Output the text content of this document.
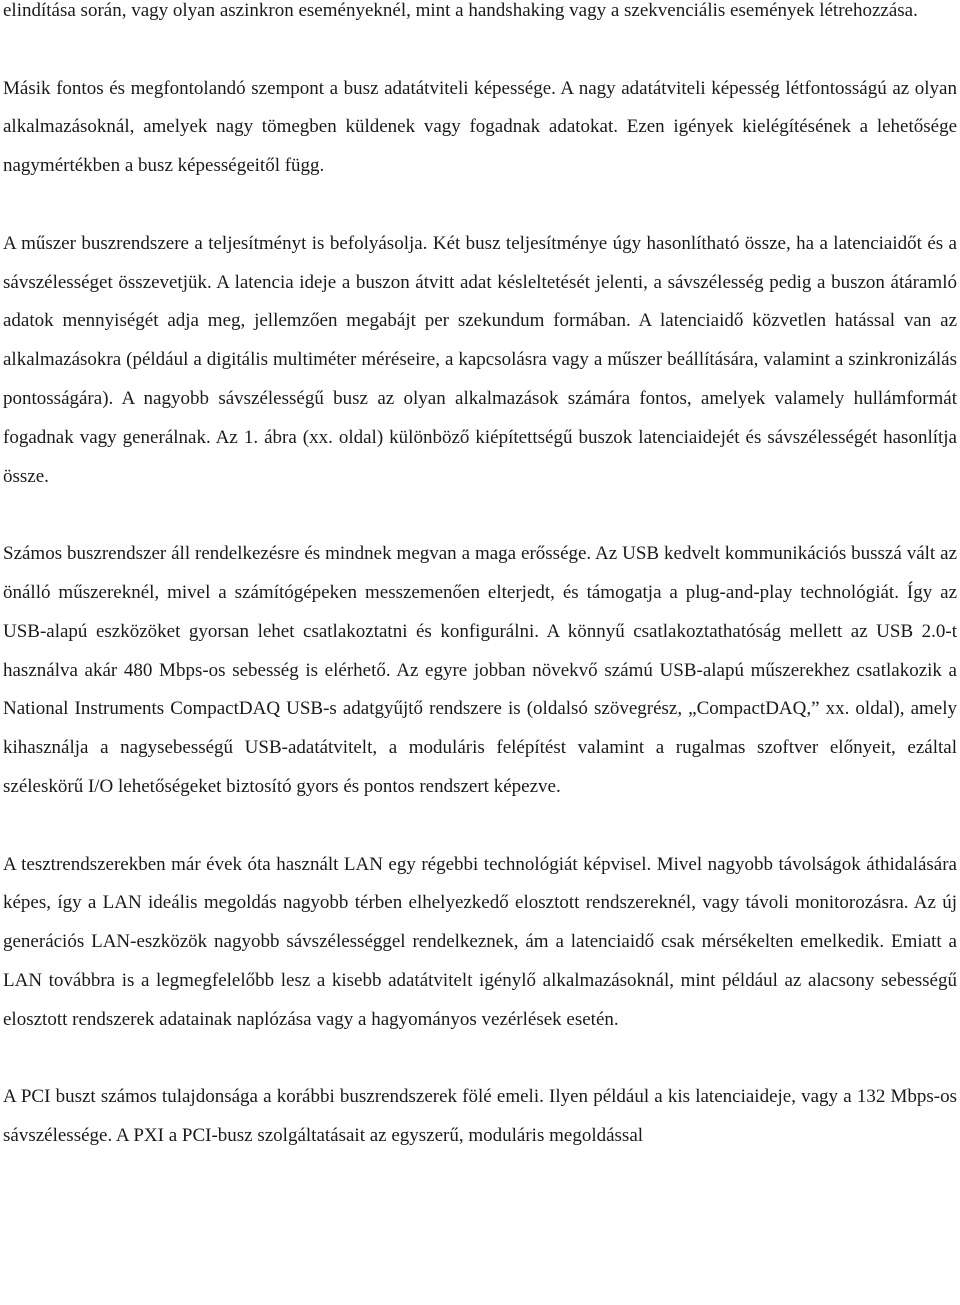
elindítása során, vagy olyan aszinkron eseményeknél, mint a handshaking vagy a szekvenciális események létrehozzása.

Másik fontos és megfontolandó szempont a busz adatátviteli képessége. A nagy adatátviteli képesség létfontosságú az olyan alkalmazásoknál, amelyek nagy tömegben küldenek vagy fogadnak adatokat. Ezen igények kielégítésének a lehetősége nagymértékben a busz képességeitől függ.

A műszer buszrendszere a teljesítményt is befolyásolja. Két busz teljesítménye úgy hasonlítható össze, ha a latenciaidőt és a sávszélességet összevetjük. A latencia ideje a buszon átvitt adat késleltetését jelenti, a sávszélesség pedig a buszon átáramló adatok mennyiségét adja meg, jellemzően megabájt per szekundum formában. A latenciaidő közvetlen hatással van az alkalmazásokra (például a digitális multiméter méréseire, a kapcsolásra vagy a műszer beállítására, valamint a szinkronizálás pontosságára). A nagyobb sávszélességű busz az olyan alkalmazások számára fontos, amelyek valamely hullámformát fogadnak vagy generálnak. Az 1. ábra (xx. oldal) különböző kiépítettségű buszok latenciaidejét és sávszélességét hasonlítja össze.

Számos buszrendszer áll rendelkezésre és mindnek megvan a maga erőssége. Az USB kedvelt kommunikációs busszá vált az önálló műszereknél, mivel a számítógépeken messzemenően elterjedt, és támogatja a plug-and-play technológiát. Így az USB-alapú eszközöket gyorsan lehet csatlakoztatni és konfigurálni. A könnyű csatlakoztathatóság mellett az USB 2.0-t használva akár 480 Mbps-os sebesség is elérhető. Az egyre jobban növekvő számú USB-alapú műszerekhez csatlakozik a National Instruments CompactDAQ USB-s adatgyűjtő rendszere is (oldalsó szövegrész, „CompactDAQ,” xx. oldal), amely kihasználja a nagysebességű USB-adatátvitelt, a moduláris felépítést valamint a rugalmas szoftver előnyeit, ezáltal széleskörű I/O lehetőségeket biztosító gyors és pontos rendszert képezve.

A tesztrendszerekben már évek óta használt LAN egy régebbi technológiát képvisel. Mivel nagyobb távolságok áthidalására képes, így a LAN ideális megoldás nagyobb térben elhelyezkedő elosztott rendszereknél, vagy távoli monitorozásra. Az új generációs LAN-eszközök nagyobb sávszélességgel rendelkeznek, ám a latenciaidő csak mérsékelten emelkedik. Emiatt a LAN továbbra is a legmegfelelőbb lesz a kisebb adatátvitelt igénylő alkalmazásoknál, mint például az alacsony sebességű elosztott rendszerek adatainak naplózása vagy a hagyományos vezérlések esetén.

A PCI buszt számos tulajdonsága a korábbi buszrendszerek fölé emeli. Ilyen például a kis latenciaideje, vagy a 132 Mbps-os sávszélessége. A PXI a PCI-busz szolgáltatásait az egyszerű, moduláris megoldással
